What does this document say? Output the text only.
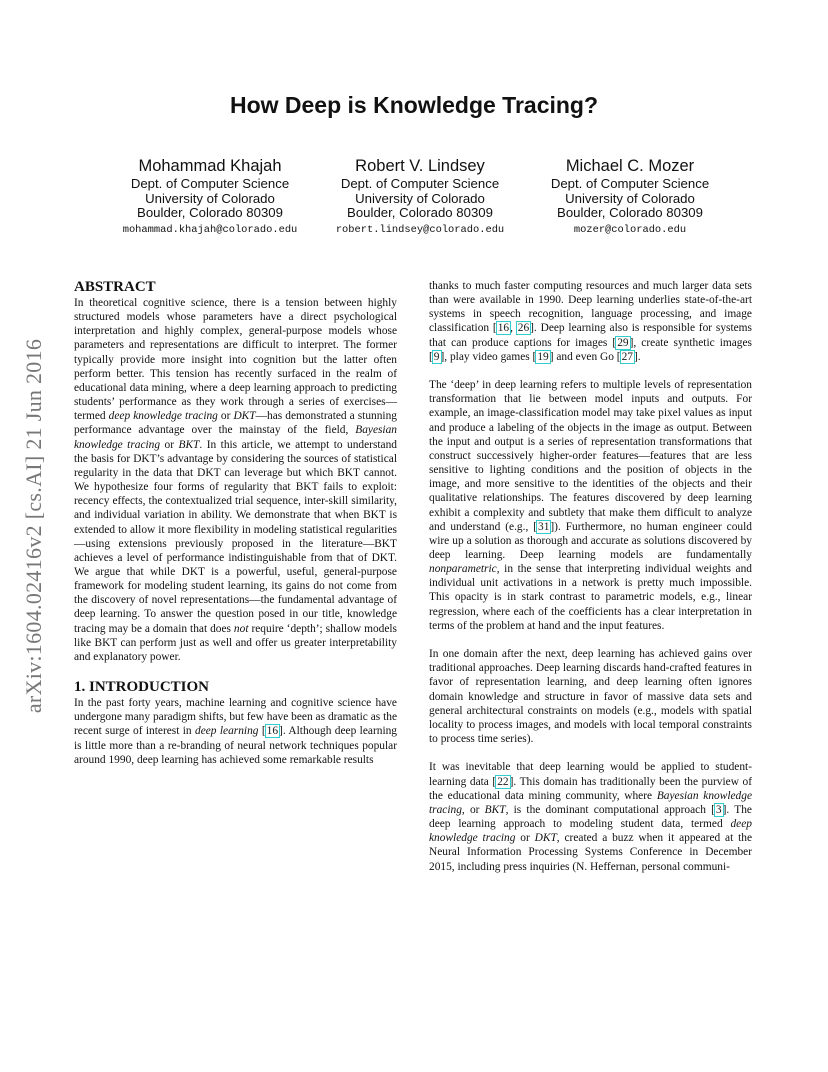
arXiv:1604.02416v2 [cs.AI] 21 Jun 2016
How Deep is Knowledge Tracing?
Mohammad Khajah
Dept. of Computer Science
University of Colorado
Boulder, Colorado 80309
mohammad.khajah@colorado.edu
Robert V. Lindsey
Dept. of Computer Science
University of Colorado
Boulder, Colorado 80309
robert.lindsey@colorado.edu
Michael C. Mozer
Dept. of Computer Science
University of Colorado
Boulder, Colorado 80309
mozer@colorado.edu
ABSTRACT

In theoretical cognitive science, there is a tension between highly structured models whose parameters have a direct psychological interpretation and highly complex, general-purpose models whose parameters and representations are difficult to interpret. The former typically provide more insight into cognition but the latter often perform better. This tension has recently surfaced in the realm of educational data mining, where a deep learning approach to predicting students’ performance as they work through a series of exercises—termed deep knowledge tracing or DKT—has demonstrated a stunning performance advantage over the mainstay of the field, Bayesian knowledge tracing or BKT. In this article, we attempt to understand the basis for DKT’s advantage by considering the sources of statistical regularity in the data that DKT can leverage but which BKT cannot. We hypothesize four forms of regularity that BKT fails to exploit: recency effects, the contextualized trial sequence, inter-skill similarity, and individual variation in ability. We demonstrate that when BKT is extended to allow it more flexibility in modeling statistical regularities—using extensions previously proposed in the literature—BKT achieves a level of performance indistinguishable from that of DKT. We argue that while DKT is a powerful, useful, general-purpose framework for modeling student learning, its gains do not come from the discovery of novel representations—the fundamental advantage of deep learning. To answer the question posed in our title, knowledge tracing may be a domain that does not require ‘depth’; shallow models like BKT can perform just as well and offer us greater interpretability and explanatory power.

1. INTRODUCTION

In the past forty years, machine learning and cognitive science have undergone many paradigm shifts, but few have been as dramatic as the recent surge of interest in deep learning [16]. Although deep learning is little more than a re-branding of neural network techniques popular around 1990, deep learning has achieved some remarkable results

thanks to much faster computing resources and much larger data sets than were available in 1990. Deep learning underlies state-of-the-art systems in speech recognition, language processing, and image classification [16, 26]. Deep learning also is responsible for systems that can produce captions for images [29], create synthetic images [9], play video games [19] and even Go [27].

The ‘deep’ in deep learning refers to multiple levels of representation transformation that lie between model inputs and outputs. For example, an image-classification model may take pixel values as input and produce a labeling of the objects in the image as output. Between the input and output is a series of representation transformations that construct successively higher-order features—features that are less sensitive to lighting conditions and the position of objects in the image, and more sensitive to the identities of the objects and their qualitative relationships. The features discovered by deep learning exhibit a complexity and subtlety that make them difficult to analyze and understand (e.g., [31]). Furthermore, no human engineer could wire up a solution as thorough and accurate as solutions discovered by deep learning. Deep learning models are fundamentally nonparametric, in the sense that interpreting individual weights and individual unit activations in a network is pretty much impossible. This opacity is in stark contrast to parametric models, e.g., linear regression, where each of the coefficients has a clear interpretation in terms of the problem at hand and the input features.

In one domain after the next, deep learning has achieved gains over traditional approaches. Deep learning discards hand-crafted features in favor of representation learning, and deep learning often ignores domain knowledge and structure in favor of massive data sets and general architectural constraints on models (e.g., models with spatial locality to process images, and models with local temporal constraints to process time series).

It was inevitable that deep learning would be applied to student-learning data [22]. This domain has traditionally been the purview of the educational data mining community, where Bayesian knowledge tracing, or BKT, is the dominant computational approach [3]. The deep learning approach to modeling student data, termed deep knowledge tracing or DKT, created a buzz when it appeared at the Neural Information Processing Systems Conference in December 2015, including press inquiries (N. Heffernan, personal communi-
